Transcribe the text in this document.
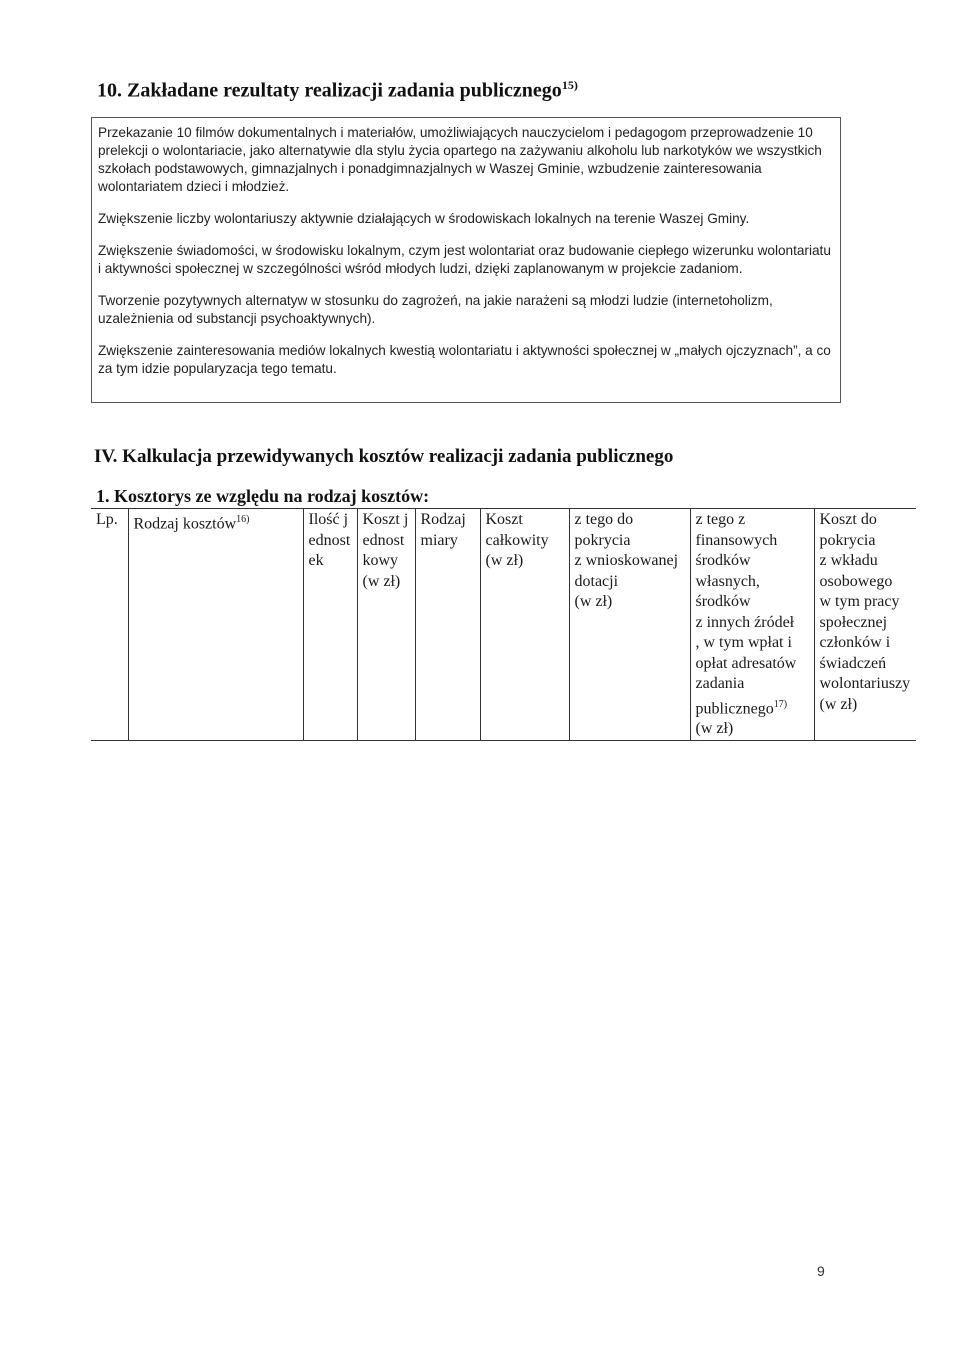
10. Zakładane rezultaty realizacji zadania publicznego$^{15)}$

Przekazanie 10 filmów dokumentalnych i materiałów, umożliwiających nauczycielom i pedagogom przeprowadzenie 10 prelekcji o wolontariacie, jako alternatywie dla stylu życia opartego na zażywaniu alkoholu lub narkotyków we wszystkich szkołach podstawowych, gimnazjalnych i ponadgimnazjalnych w Waszej Gminie, wzbudzenie zainteresowania wolontariatem dzieci i młodzież.

Zwiększenie liczby wolontariuszy aktywnie działających w środowiskach lokalnych na terenie Waszej Gminy.

Zwiększenie świadomości, w środowisku lokalnym, czym jest wolontariat oraz budowanie ciepłego wizerunku wolontariatu i aktywności społecznej w szczególności wśród młodych ludzi, dzięki zaplanowanym w projekcie zadaniom.

Tworzenie pozytywnych alternatyw w stosunku do zagrożeń, na jakie narażeni są młodzi ludzie (internetoholizm, uzależnienia od substancji psychoaktywnych).

Zwiększenie zainteresowania mediów lokalnych kwestią wolontariatu i aktywności społecznej w „małych ojczyznach”, a co za tym idzie popularyzacja tego tematu.

IV. Kalkulacja przewidywanych kosztów realizacji zadania publicznego
1. Kosztorys ze względu na rodzaj kosztów:
Lp.	Rodzaj kosztów$^{16)}$	Ilość jednostek	Koszt jednostkowy (w zł)	Rodzaj miary	Koszt całkowity
(w zł)	z tego do pokrycia
z wnioskowanej dotacji
(w zł)	z tego z finansowych środków własnych, środków
z innych źródeł
, w tym wpłat i opłat adresatów zadania publicznego$^{17)}$
(w zł)	Koszt do pokrycia
z wkładu osobowego
w tym pracy społecznej członków i świadczeń wolontariuszy
(w zł)
9
